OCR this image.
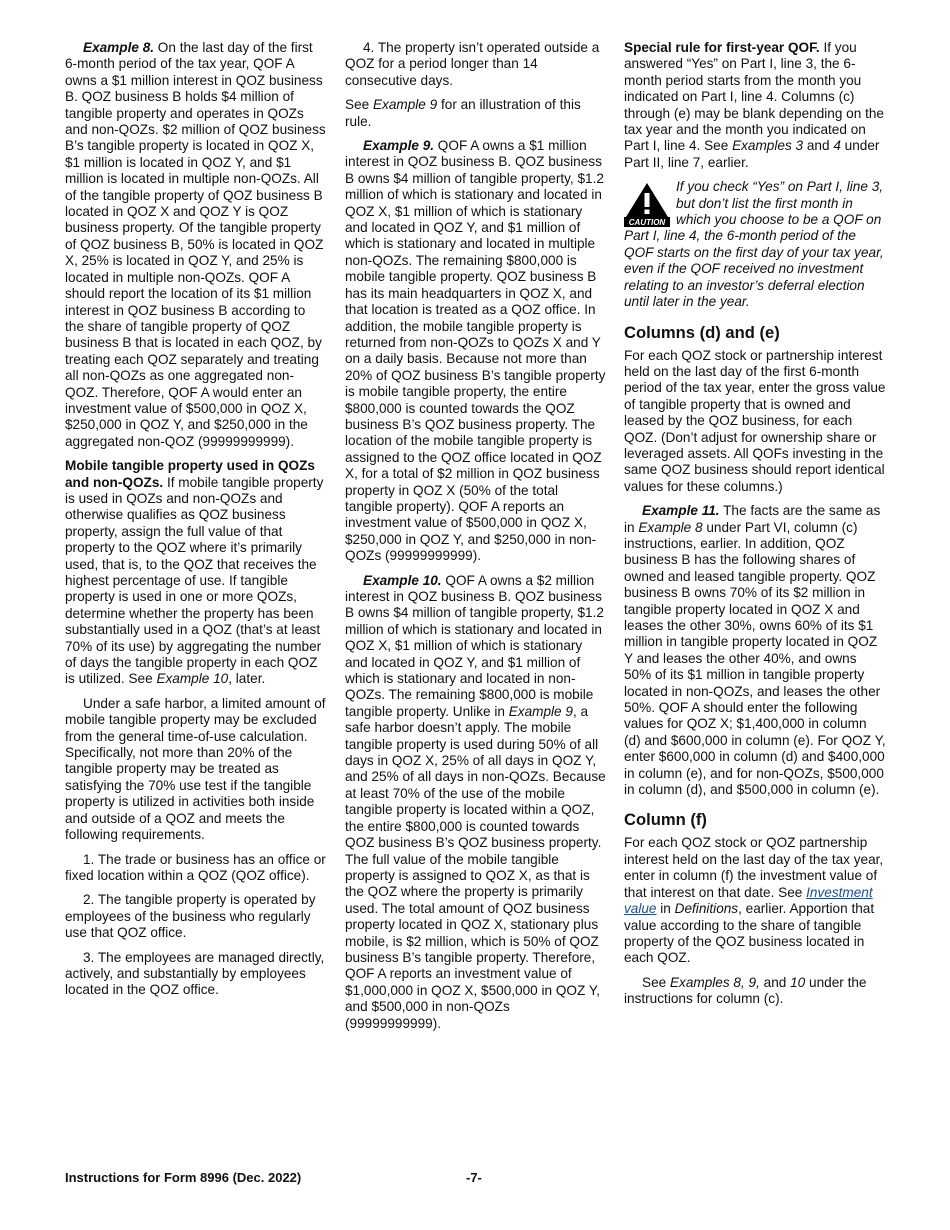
Example 8. On the last day of the first 6-month period of the tax year, QOF A owns a $1 million interest in QOZ business B. QOZ business B holds $4 million of tangible property and operates in QOZs and non-QOZs. $2 million of QOZ business B’s tangible property is located in QOZ X, $1 million is located in QOZ Y, and $1 million is located in multiple non-QOZs. All of the tangible property of QOZ business B located in QOZ X and QOZ Y is QOZ business property. Of the tangible property of QOZ business B, 50% is located in QOZ X, 25% is located in QOZ Y, and 25% is located in multiple non-QOZs. QOF A should report the location of its $1 million interest in QOZ business B according to the share of tangible property of QOZ business B that is located in each QOZ, by treating each QOZ separately and treating all non-QOZs as one aggregated non-QOZ. Therefore, QOF A would enter an investment value of $500,000 in QOZ X, $250,000 in QOZ Y, and $250,000 in the aggregated non-QOZ (99999999999).

Mobile tangible property used in QOZs and non-QOZs. If mobile tangible property is used in QOZs and non-QOZs and otherwise qualifies as QOZ business property, assign the full value of that property to the QOZ where it’s primarily used, that is, to the QOZ that receives the highest percentage of use. If tangible property is used in one or more QOZs, determine whether the property has been substantially used in a QOZ (that’s at least 70% of its use) by aggregating the number of days the tangible property in each QOZ is utilized. See Example 10, later.

Under a safe harbor, a limited amount of mobile tangible property may be excluded from the general time-of-use calculation. Specifically, not more than 20% of the tangible property may be treated as satisfying the 70% use test if the tangible property is utilized in activities both inside and outside of a QOZ and meets the following requirements.

1. The trade or business has an office or fixed location within a QOZ (QOZ office).

2. The tangible property is operated by employees of the business who regularly use that QOZ office.

3. The employees are managed directly, actively, and substantially by employees located in the QOZ office.

4. The property isn’t operated outside a QOZ for a period longer than 14 consecutive days.

See Example 9 for an illustration of this rule.

Example 9. QOF A owns a $1 million interest in QOZ business B. QOZ business B owns $4 million of tangible property, $1.2 million of which is stationary and located in QOZ X, $1 million of which is stationary and located in QOZ Y, and $1 million of which is stationary and located in multiple non-QOZs. The remaining $800,000 is mobile tangible property. QOZ business B has its main headquarters in QOZ X, and that location is treated as a QOZ office. In addition, the mobile tangible property is returned from non-QOZs to QOZs X and Y on a daily basis. Because not more than 20% of QOZ business B’s tangible property is mobile tangible property, the entire $800,000 is counted towards the QOZ business B’s QOZ business property. The location of the mobile tangible property is assigned to the QOZ office located in QOZ X, for a total of $2 million in QOZ business property in QOZ X (50% of the total tangible property). QOF A reports an investment value of $500,000 in QOZ X, $250,000 in QOZ Y, and $250,000 in non-QOZs (99999999999).

Example 10. QOF A owns a $2 million interest in QOZ business B. QOZ business B owns $4 million of tangible property, $1.2 million of which is stationary and located in QOZ X, $1 million of which is stationary and located in QOZ Y, and $1 million of which is stationary and located in non-QOZs. The remaining $800,000 is mobile tangible property. Unlike in Example 9, a safe harbor doesn’t apply. The mobile tangible property is used during 50% of all days in QOZ X, 25% of all days in QOZ Y, and 25% of all days in non-QOZs. Because at least 70% of the use of the mobile tangible property is located within a QOZ, the entire $800,000 is counted towards QOZ business B’s QOZ business property. The full value of the mobile tangible property is assigned to QOZ X, as that is the QOZ where the property is primarily used. The total amount of QOZ business property located in QOZ X, stationary plus mobile, is $2 million, which is 50% of QOZ business B’s tangible property. Therefore, QOF A reports an investment value of $1,000,000 in QOZ X, $500,000 in QOZ Y, and $500,000 in non-QOZs (99999999999).

Special rule for first-year QOF. If you answered “Yes” on Part I, line 3, the 6-month period starts from the month you indicated on Part I, line 4. Columns (c) through (e) may be blank depending on the tax year and the month you indicated on Part I, line 4. See Examples 3 and 4 under Part II, line 7, earlier.

CAUTION
If you check “Yes” on Part I, line 3, but don’t list the first month in which you choose to be a QOF on Part I, line 4, the 6-month period of the QOF starts on the first day of your tax year, even if the QOF received no investment relating to an investor’s deferral election until later in the year.
Columns (d) and (e)

For each QOZ stock or partnership interest held on the last day of the first 6-month period of the tax year, enter the gross value of tangible property that is owned and leased by the QOZ business, for each QOZ. (Don’t adjust for ownership share or leveraged assets. All QOFs investing in the same QOZ business should report identical values for these columns.)

Example 11. The facts are the same as in Example 8 under Part VI, column (c) instructions, earlier. In addition, QOZ business B has the following shares of owned and leased tangible property. QOZ business B owns 70% of its $2 million in tangible property located in QOZ X and leases the other 30%, owns 60% of its $1 million in tangible property located in QOZ Y and leases the other 40%, and owns 50% of its $1 million in tangible property located in non-QOZs, and leases the other 50%. QOF A should enter the following values for QOZ X; $1,400,000 in column (d) and $600,000 in column (e). For QOZ Y, enter $600,000 in column (d) and $400,000 in column (e), and for non-QOZs, $500,000 in column (d), and $500,000 in column (e).

Column (f)

For each QOZ stock or QOZ partnership interest held on the last day of the tax year, enter in column (f) the investment value of that interest on that date. See Investment value in Definitions, earlier. Apportion that value according to the share of tangible property of the QOZ business located in each QOZ.

See Examples 8, 9, and 10 under the instructions for column (c).

Instructions for Form 8996 (Dec. 2022)	-7-
